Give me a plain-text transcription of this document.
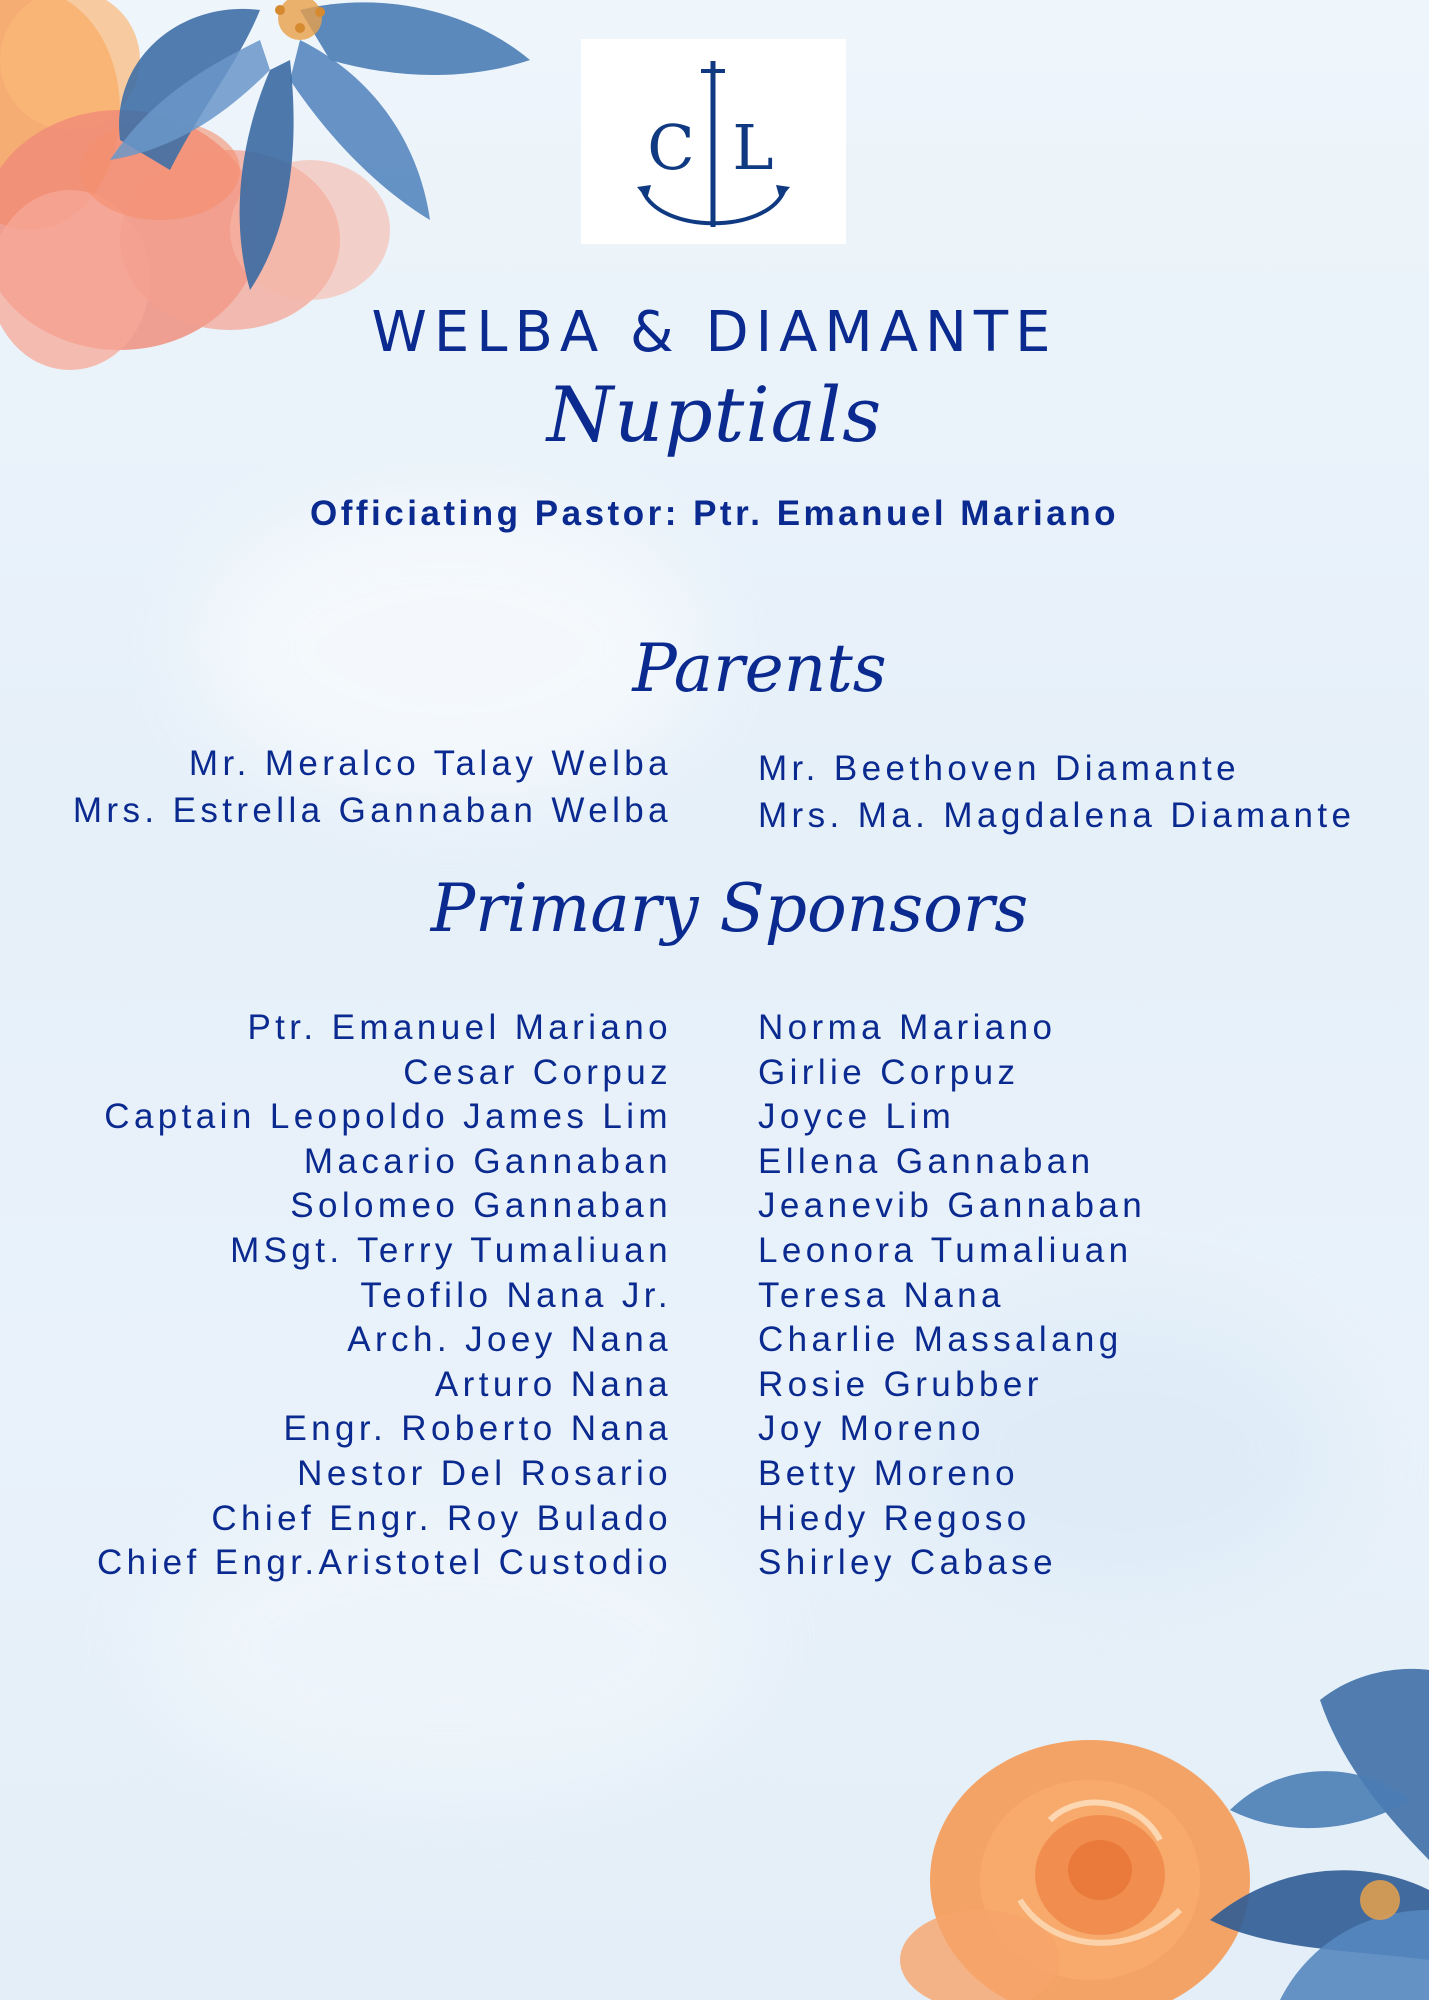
C L
WELBA & DIAMANTE
Nuptials
Officiating Pastor: Ptr. Emanuel Mariano
Parents
Mr. Meralco Talay Welba
Mrs. Estrella Gannaban Welba
Mr. Beethoven Diamante
Mrs. Ma. Magdalena Diamante
Primary Sponsors
Ptr. Emanuel Mariano
Cesar Corpuz
Captain Leopoldo James Lim
Macario Gannaban
Solomeo Gannaban
MSgt. Terry Tumaliuan
Teofilo Nana Jr.
Arch. Joey Nana
Arturo Nana
Engr. Roberto Nana
Nestor Del Rosario
Chief Engr. Roy Bulado
Chief Engr.Aristotel Custodio
Norma Mariano
Girlie Corpuz
Joyce Lim
Ellena Gannaban
Jeanevib Gannaban
Leonora Tumaliuan
Teresa Nana
Charlie Massalang
Rosie Grubber
Joy Moreno
Betty Moreno
Hiedy Regoso
Shirley Cabase
